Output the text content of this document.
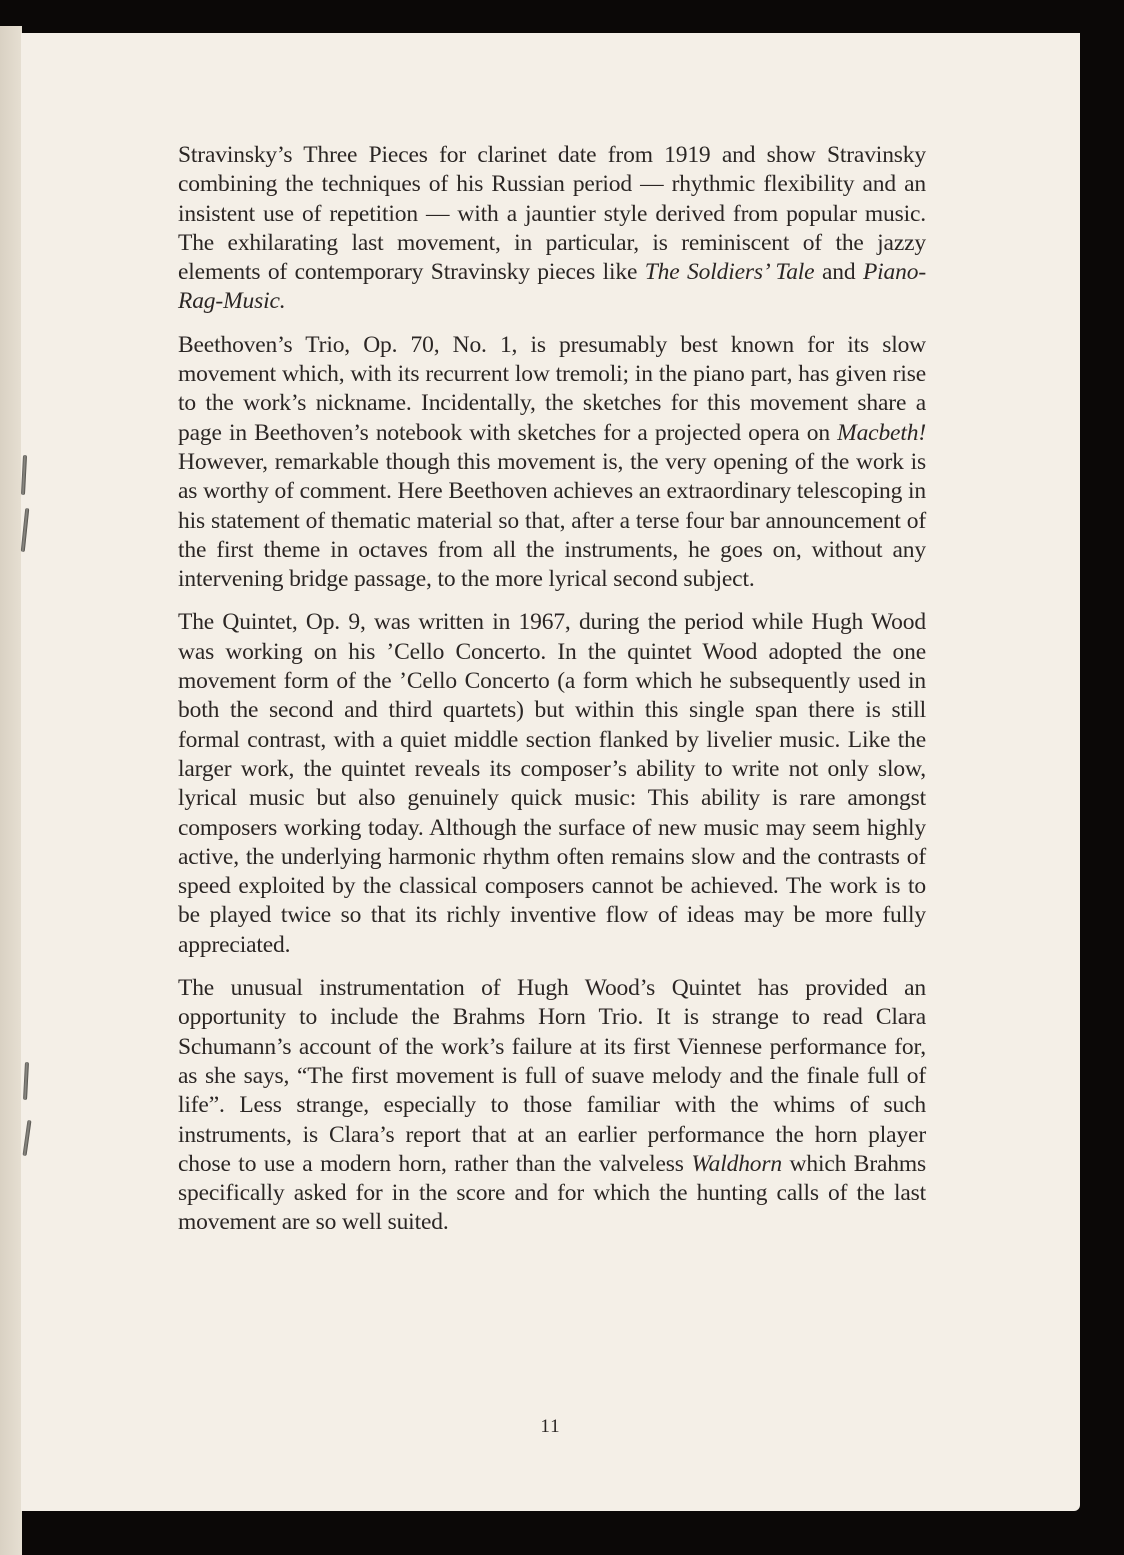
Stravinsky’s Three Pieces for clarinet date from 1919 and show Stravinsky combining the techniques of his Russian period — rhythmic flexibility and an insistent use of repetition — with a jauntier style derived from popular music. The exhilarating last movement, in particular, is reminiscent of the jazzy elements of contemporary Stravinsky pieces like The Soldiers’ Tale and Piano-Rag-Music.

Beethoven’s Trio, Op. 70, No. 1, is presumably best known for its slow movement which, with its recurrent low tremoli; in the piano part, has given rise to the work’s nickname. Incidentally, the sketches for this movement share a page in Beethoven’s notebook with sketches for a projected opera on Macbeth! However, remarkable though this movement is, the very opening of the work is as worthy of comment. Here Beethoven achieves an extraordinary telescoping in his statement of thematic material so that, after a terse four bar announcement of the first theme in octaves from all the instruments, he goes on, without any intervening bridge passage, to the more lyrical second subject.

The Quintet, Op. 9, was written in 1967, during the period while Hugh Wood was working on his ’Cello Concerto. In the quintet Wood adopted the one movement form of the ’Cello Concerto (a form which he subsequently used in both the second and third quartets) but within this single span there is still formal contrast, with a quiet middle section flanked by livelier music. Like the larger work, the quintet reveals its composer’s ability to write not only slow, lyrical music but also genuinely quick music: This ability is rare amongst composers working today. Although the surface of new music may seem highly active, the underlying harmonic rhythm often remains slow and the contrasts of speed exploited by the classical composers cannot be achieved. The work is to be played twice so that its richly inventive flow of ideas may be more fully appreciated.

The unusual instrumentation of Hugh Wood’s Quintet has provided an opportunity to include the Brahms Horn Trio. It is strange to read Clara Schumann’s account of the work’s failure at its first Viennese performance for, as she says, “The first movement is full of suave melody and the finale full of life”. Less strange, especially to those familiar with the whims of such instruments, is Clara’s report that at an earlier performance the horn player chose to use a modern horn, rather than the valveless Waldhorn which Brahms specifically asked for in the score and for which the hunting calls of the last movement are so well suited.

11
